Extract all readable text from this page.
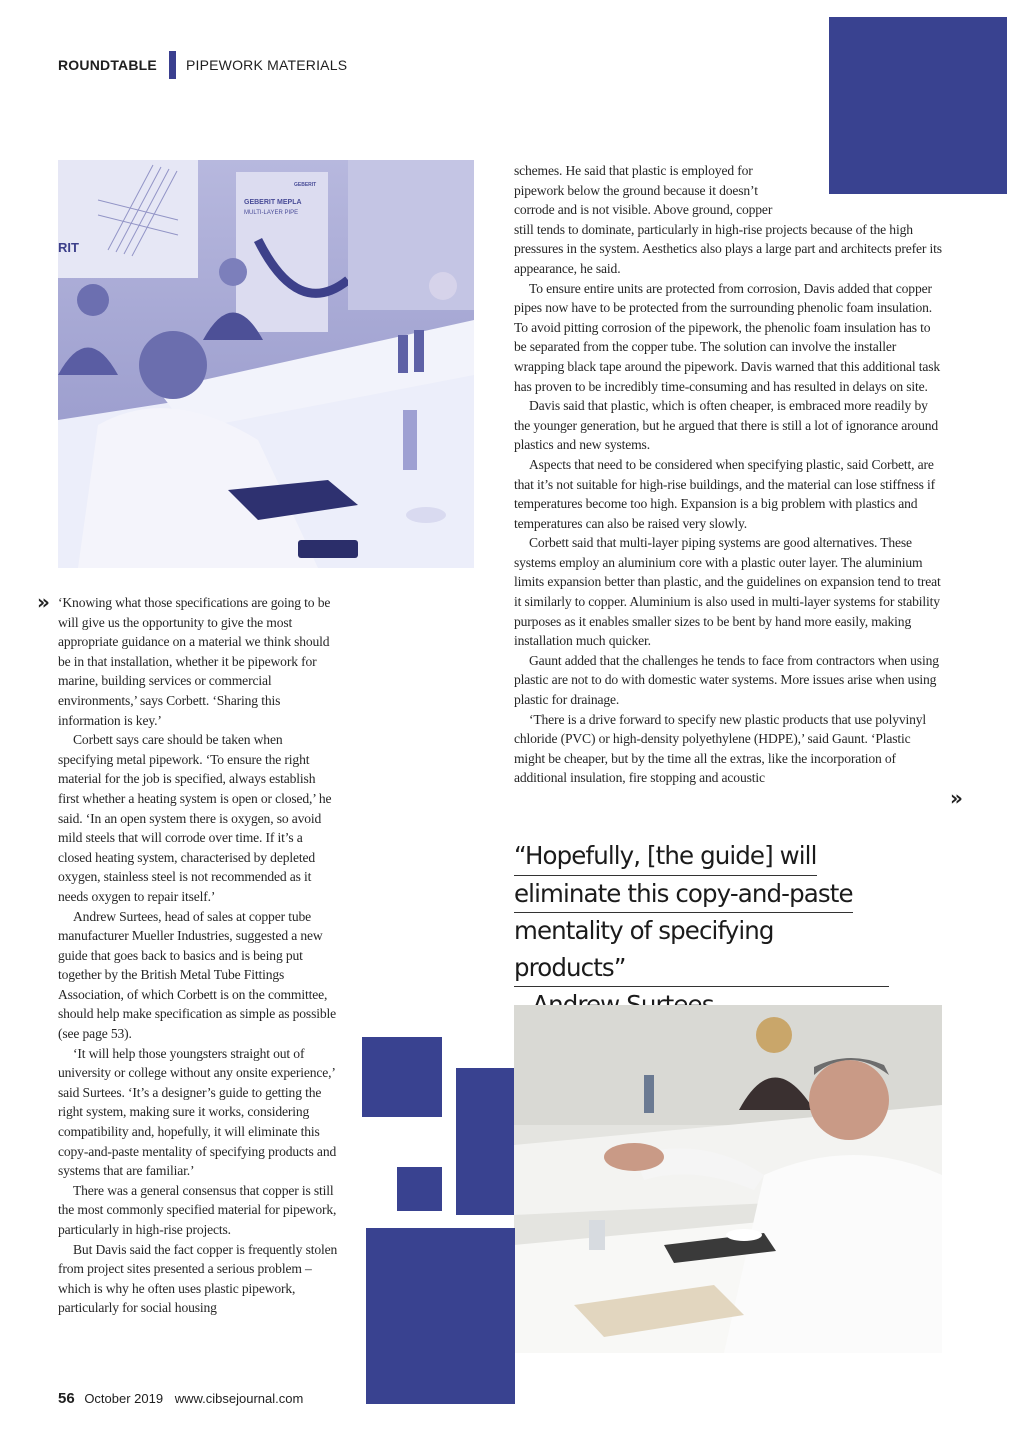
ROUNDTABLE PIPEWORK MATERIALS
RIT
GEBERIT MEPLA
MULTI-LAYER PIPE
GEBERIT
» ‘Knowing what those specifications are going to be will give us the opportunity to give the most appropriate guidance on a material we think should be in that installation, whether it be pipework for marine, building services or commercial environments,’ says Corbett. ‘Sharing this information is key.’

Corbett says care should be taken when specifying metal pipework. ‘To ensure the right material for the job is specified, always establish first whether a heating system is open or closed,’ he said. ‘In an open system there is oxygen, so avoid mild steels that will corrode over time. If it’s a closed heating system, characterised by depleted oxygen, stainless steel is not recommended as it needs oxygen to repair itself.’

Andrew Surtees, head of sales at copper tube manufacturer Mueller Industries, suggested a new guide that goes back to basics and is being put together by the British Metal Tube Fittings Association, of which Corbett is on the committee, should help make specification as simple as possible (see page 53).

‘It will help those youngsters straight out of university or college without any onsite experience,’ said Surtees. ‘It’s a designer’s guide to getting the right system, making sure it works, considering compatibility and, hopefully, it will eliminate this copy-and-paste mentality of specifying products and systems that are familiar.’

There was a general consensus that copper is still the most commonly specified material for pipework, particularly in high-rise projects.

But Davis said the fact copper is frequently stolen from project sites presented a serious problem – which is why he often uses plastic pipework, particularly for social housing

schemes. He said that plastic is employed for pipework below the ground because it doesn’t corrode and is not visible. Above ground, copper

still tends to dominate, particularly in high-rise projects because of the high pressures in the system. Aesthetics also plays a large part and architects prefer its appearance, he said.

To ensure entire units are protected from corrosion, Davis added that copper pipes now have to be protected from the surrounding phenolic foam insulation. To avoid pitting corrosion of the pipework, the phenolic foam insulation has to be separated from the copper tube. The solution can involve the installer wrapping black tape around the pipework. Davis warned that this additional task has proven to be incredibly time-consuming and has resulted in delays on site.

Davis said that plastic, which is often cheaper, is embraced more readily by the younger generation, but he argued that there is still a lot of ignorance around plastics and new systems.

Aspects that need to be considered when specifying plastic, said Corbett, are that it’s not suitable for high-rise buildings, and the material can lose stiffness if temperatures become too high. Expansion is a big problem with plastics and temperatures can also be raised very slowly.

Corbett said that multi-layer piping systems are good alternatives. These systems employ an aluminium core with a plastic outer layer. The aluminium limits expansion better than plastic, and the guidelines on expansion tend to treat it similarly to copper. Aluminium is also used in multi-layer systems for stability purposes as it enables smaller sizes to be bent by hand more easily, making installation much quicker.

Gaunt added that the challenges he tends to face from contractors when using plastic are not to do with domestic water systems. More issues arise when using plastic for drainage.

‘There is a drive forward to specify new plastic products that use polyvinyl chloride (PVC) or high-density polyethylene (HDPE),’ said Gaunt. ‘Plastic might be cheaper, but by the time all the extras, like the incorporation of additional insulation, fire stopping and acoustic

»
“Hopefully, [the guide] will
eliminate this copy-and-paste
mentality of specifying products”

56 October 2019 www.cibsejournal.com
